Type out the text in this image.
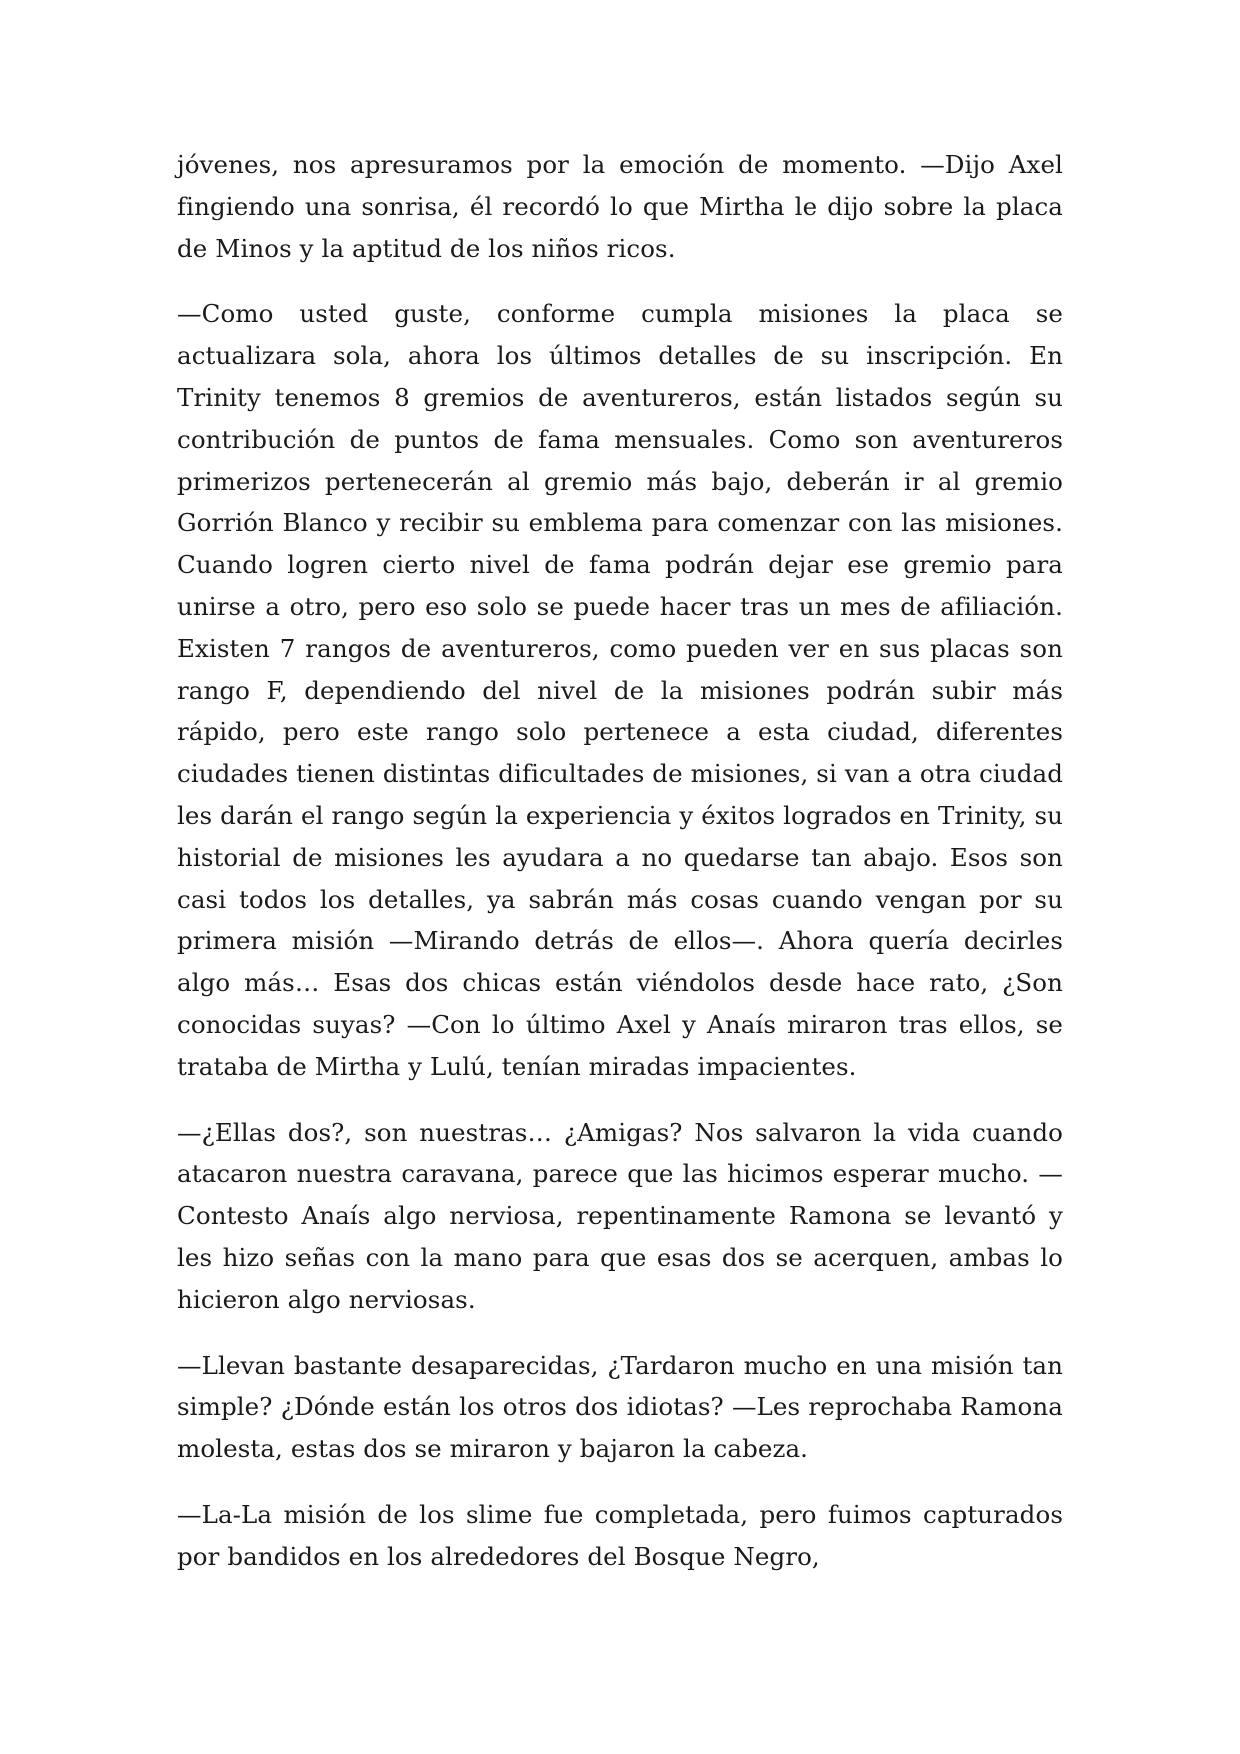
jóvenes, nos apresuramos por la emoción de momento. —Dijo Axel fingiendo una sonrisa, él recordó lo que Mirtha le dijo sobre la placa de Minos y la aptitud de los niños ricos.

—Como usted guste, conforme cumpla misiones la placa se actualizara sola, ahora los últimos detalles de su inscripción. En Trinity tenemos 8 gremios de aventureros, están listados según su contribución de puntos de fama mensuales. Como son aventureros primerizos pertenecerán al gremio más bajo, deberán ir al gremio Gorrión Blanco y recibir su emblema para comenzar con las misiones. Cuando logren cierto nivel de fama podrán dejar ese gremio para unirse a otro, pero eso solo se puede hacer tras un mes de afiliación. Existen 7 rangos de aventureros, como pueden ver en sus placas son rango F, dependiendo del nivel de la misiones podrán subir más rápido, pero este rango solo pertenece a esta ciudad, diferentes ciudades tienen distintas dificultades de misiones, si van a otra ciudad les darán el rango según la experiencia y éxitos logrados en Trinity, su historial de misiones les ayudara a no quedarse tan abajo. Esos son casi todos los detalles, ya sabrán más cosas cuando vengan por su primera misión —Mirando detrás de ellos—. Ahora quería decirles algo más… Esas dos chicas están viéndolos desde hace rato, ¿Son conocidas suyas? —Con lo último Axel y Anaís miraron tras ellos, se trataba de Mirtha y Lulú, tenían miradas impacientes.

—¿Ellas dos?, son nuestras… ¿Amigas? Nos salvaron la vida cuando atacaron nuestra caravana, parece que las hicimos esperar mucho. —Contesto Anaís algo nerviosa, repentinamente Ramona se levantó y les hizo señas con la mano para que esas dos se acerquen, ambas lo hicieron algo nerviosas.

—Llevan bastante desaparecidas, ¿Tardaron mucho en una misión tan simple? ¿Dónde están los otros dos idiotas? —Les reprochaba Ramona molesta, estas dos se miraron y bajaron la cabeza.

—La-La misión de los slime fue completada, pero fuimos capturados por bandidos en los alrededores del Bosque Negro,
